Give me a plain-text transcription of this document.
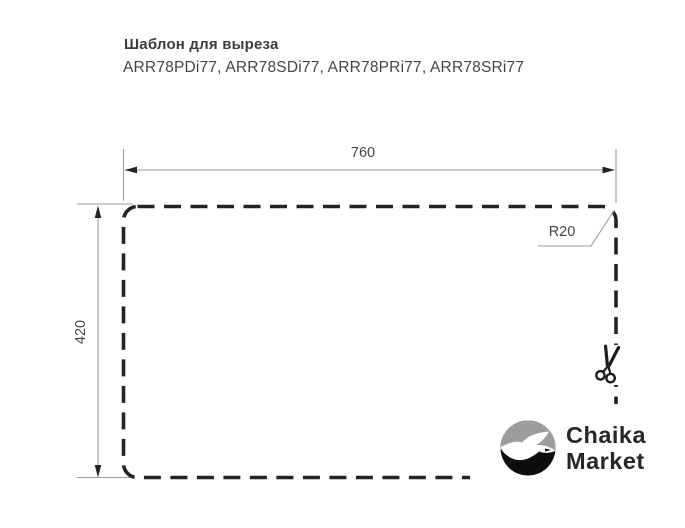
Шаблон для выреза
ARR78PDi77, ARR78SDi77, ARR78PRi77, ARR78SRi77
760
420
R20
Chaika
Market
